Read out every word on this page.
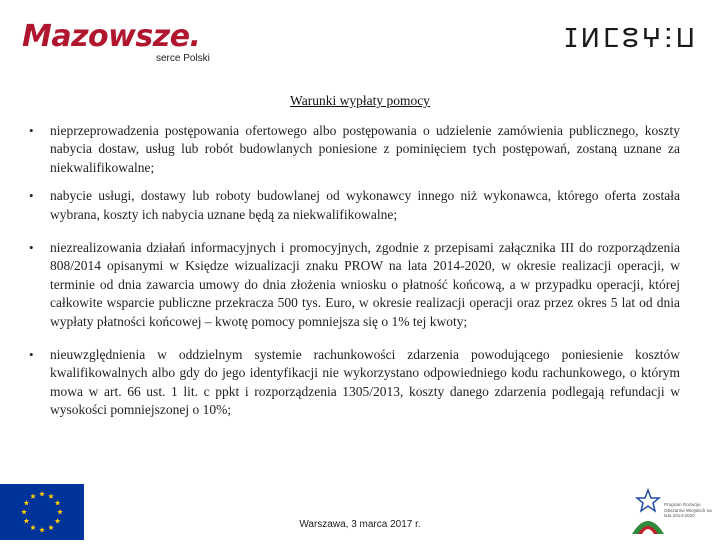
Mazowsze.
serce Polski
ⵊⵍⵎⵓⵖⵗⵡ
Warunki wypłaty pomocy
• nieprzeprowadzenia postępowania ofertowego albo postępowania o udzielenie zamówienia publicznego, koszty nabycia dostaw, usług lub robót budowlanych poniesione z pominięciem tych postępowań, zostaną uznane za niekwalifikowalne;
• nabycie usługi, dostawy lub roboty budowlanej od wykonawcy innego niż wykonawca, którego oferta została wybrana, koszty ich nabycia uznane będą za niekwalifikowalne;
• niezrealizowania działań informacyjnych i promocyjnych, zgodnie z przepisami załącznika III do rozporządzenia 808/2014 opisanymi w Księdze wizualizacji znaku PROW na lata 2014-2020, w okresie realizacji operacji, w terminie od dnia zawarcia umowy do dnia złożenia wniosku o płatność końcową, a w przypadku operacji, której całkowite wsparcie publiczne przekracza 500 tys. Euro, w okresie realizacji operacji oraz przez okres 5 lat od dnia wypłaty płatności końcowej – kwotę pomocy pomniejsza się o 1% tej kwoty;
• nieuwzględnienia w oddzielnym systemie rachunkowości zdarzenia powodującego poniesienie kosztów kwalifikowalnych albo gdy do jego identyfikacji nie wykorzystano odpowiedniego kodu rachunkowego, o którym mowa w art. 66 ust. 1 lit. c ppkt i rozporządzenia 1305/2013, koszty danego zdarzenia podlegają refundacji w wysokości pomniejszonej o 10%;
Warszawa, 3 marca 2017 r.
Program Rozwoju Obszarów Wiejskich na lata 2014-2020
